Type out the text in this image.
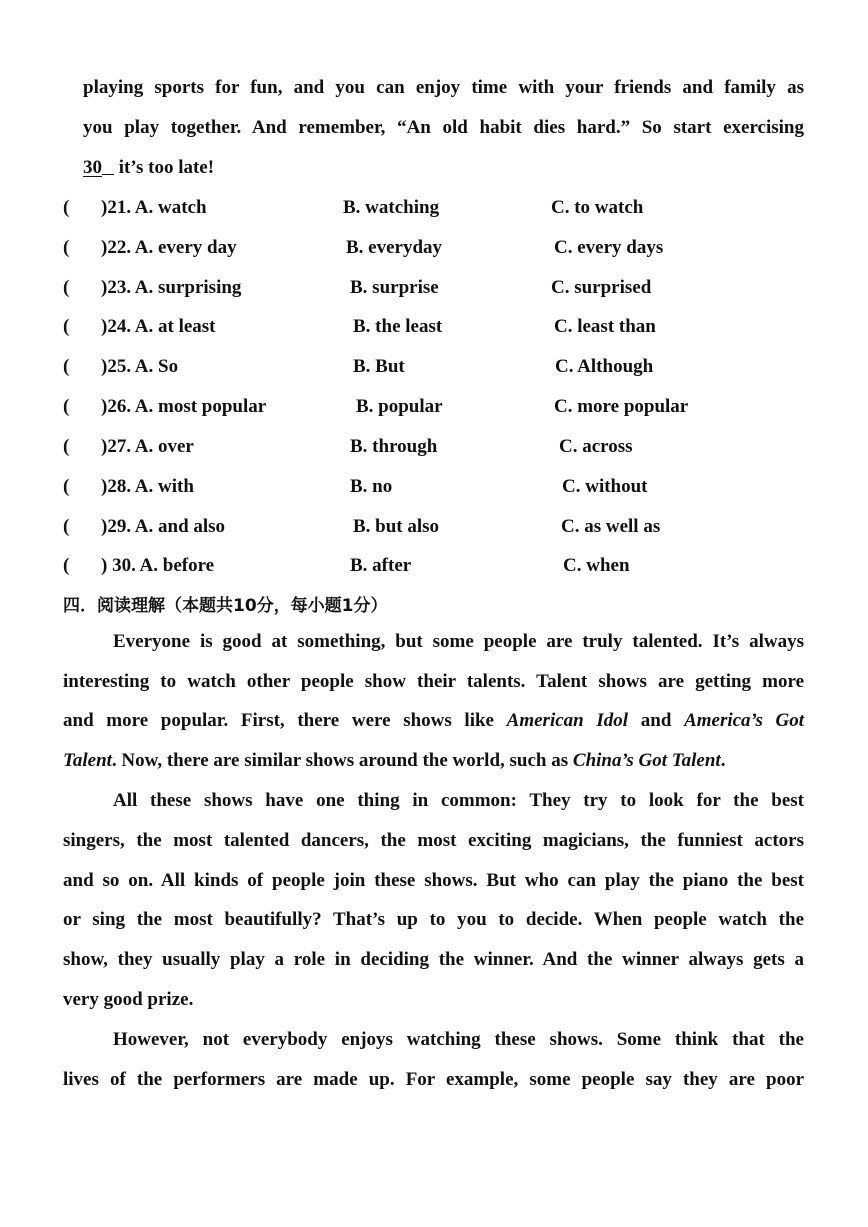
playing sports for fun, and you can enjoy time with your friends and family as
you play together. And remember, “An old habit dies hard.” So start exercising
30 it’s too late!
( )21. A. watch	B. watching	C. to watch
( )22. A. every day	B. everyday	C. every days
( )23. A. surprising	B. surprise	C. surprised
( )24. A. at least	B. the least	C. least than
( )25. A. So	B. But	C. Although
( )26. A. most popular	B. popular	C. more popular
( )27. A. over	B. through	C. across
( )28. A. with	B. no	C. without
( )29. A. and also	B. but also	C. as well as
( ) 30. A. before	B. after	C. when
四．阅读理解（本题共10分，每小题1分）
Everyone is good at something, but some people are truly talented. It’s always
interesting to watch other people show their talents. Talent shows are getting more
and more popular. First, there were shows like American Idol and America’s Got
Talent. Now, there are similar shows around the world, such as China’s Got Talent.
All these shows have one thing in common: They try to look for the best
singers, the most talented dancers, the most exciting magicians, the funniest actors
and so on. All kinds of people join these shows. But who can play the piano the best
or sing the most beautifully? That’s up to you to decide. When people watch the
show, they usually play a role in deciding the winner. And the winner always gets a
very good prize.
However, not everybody enjoys watching these shows. Some think that the
lives of the performers are made up. For example, some people say they are poor
